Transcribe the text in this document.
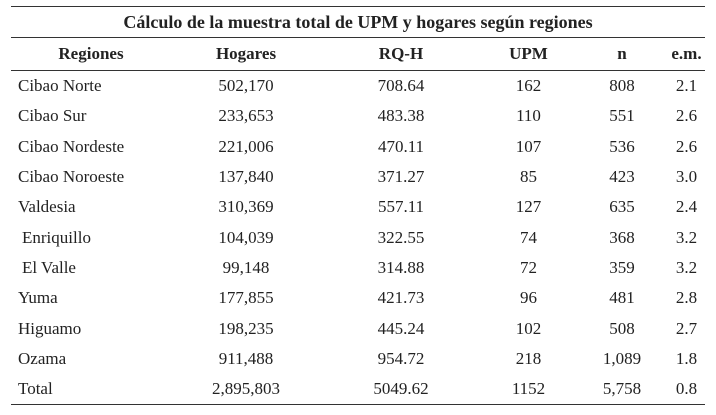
Cálculo de la muestra total de UPM y hogares según regiones
Regiones	Hogares	RQ-H	UPM	n	e.m.
Cibao Norte	502,170	708.64	162	808	2.1
Cibao Sur	233,653	483.38	110	551	2.6
Cibao Nordeste	221,006	470.11	107	536	2.6
Cibao Noroeste	137,840	371.27	85	423	3.0
Valdesia	310,369	557.11	127	635	2.4
Enriquillo	104,039	322.55	74	368	3.2
El Valle	99,148	314.88	72	359	3.2
Yuma	177,855	421.73	96	481	2.8
Higuamo	198,235	445.24	102	508	2.7
Ozama	911,488	954.72	218	1,089	1.8
Total	2,895,803	5049.62	1152	5,758	0.8
